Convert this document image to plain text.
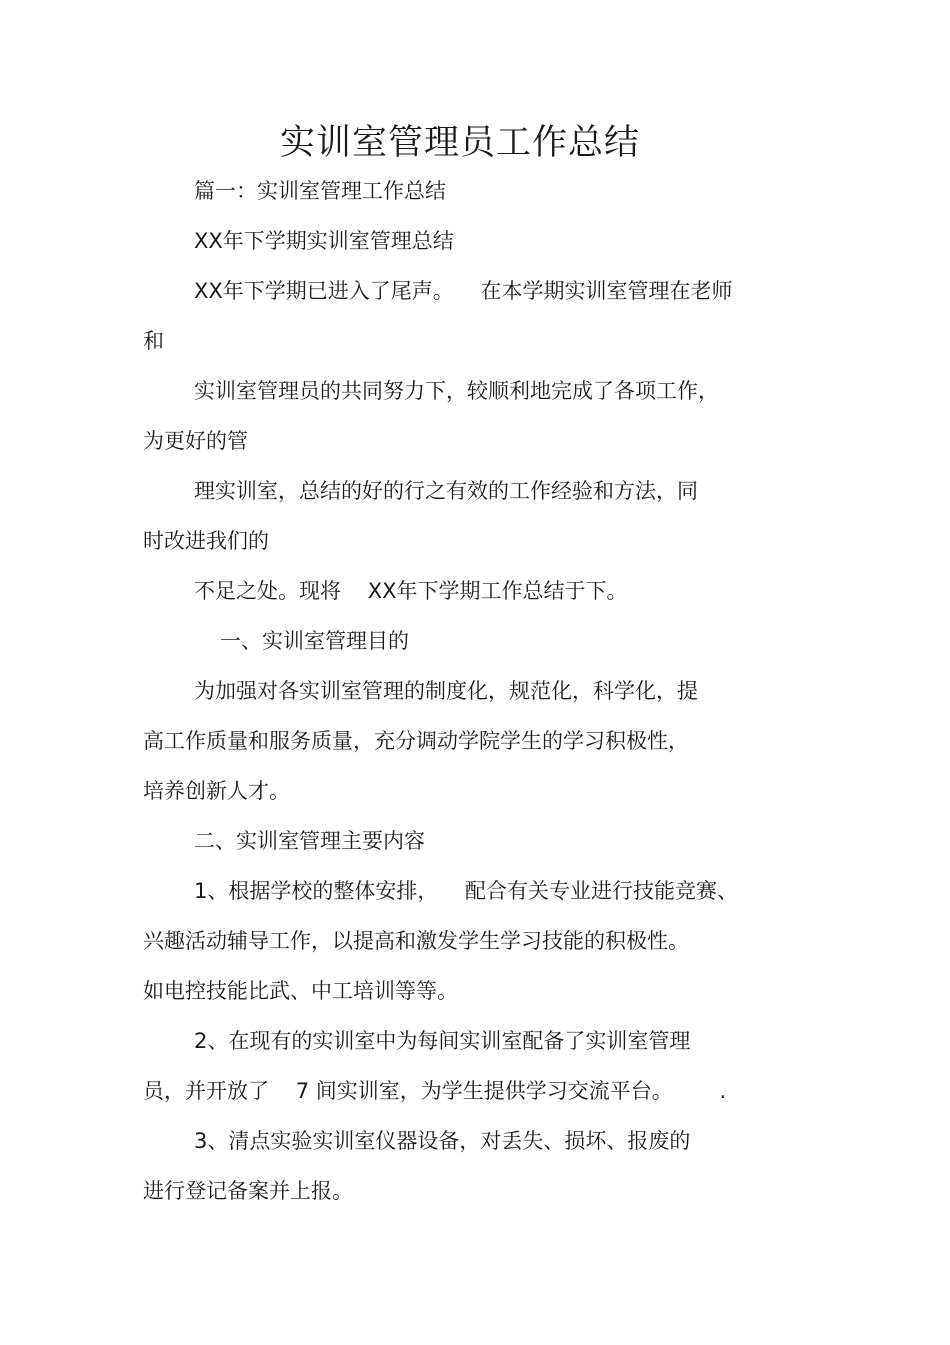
实训室管理员工作总结
篇一：实训室管理工作总结
XX年下学期实训室管理总结
XX年下学期已进入了尾声。    在本学期实训室管理在老师
和
实训室管理员的共同努力下，较顺利地完成了各项工作，
为更好的管
理实训室，总结的好的行之有效的工作经验和方法，同
时改进我们的
不足之处。现将    XX年下学期工作总结于下。
一、实训室管理目的
为加强对各实训室管理的制度化，规范化，科学化，提
高工作质量和服务质量，充分调动学院学生的学习积极性，
培养创新人才。
二、实训室管理主要内容
1、根据学校的整体安排，    配合有关专业进行技能竞赛、
兴趣活动辅导工作，以提高和激发学生学习技能的积极性。
如电控技能比武、中工培训等等。
2、在现有的实训室中为每间实训室配备了实训室管理
员，并开放了    7 间实训室，为学生提供学习交流平台。       .
3、清点实验实训室仪器设备，对丢失、损坏、报废的
进行登记备案并上报。
